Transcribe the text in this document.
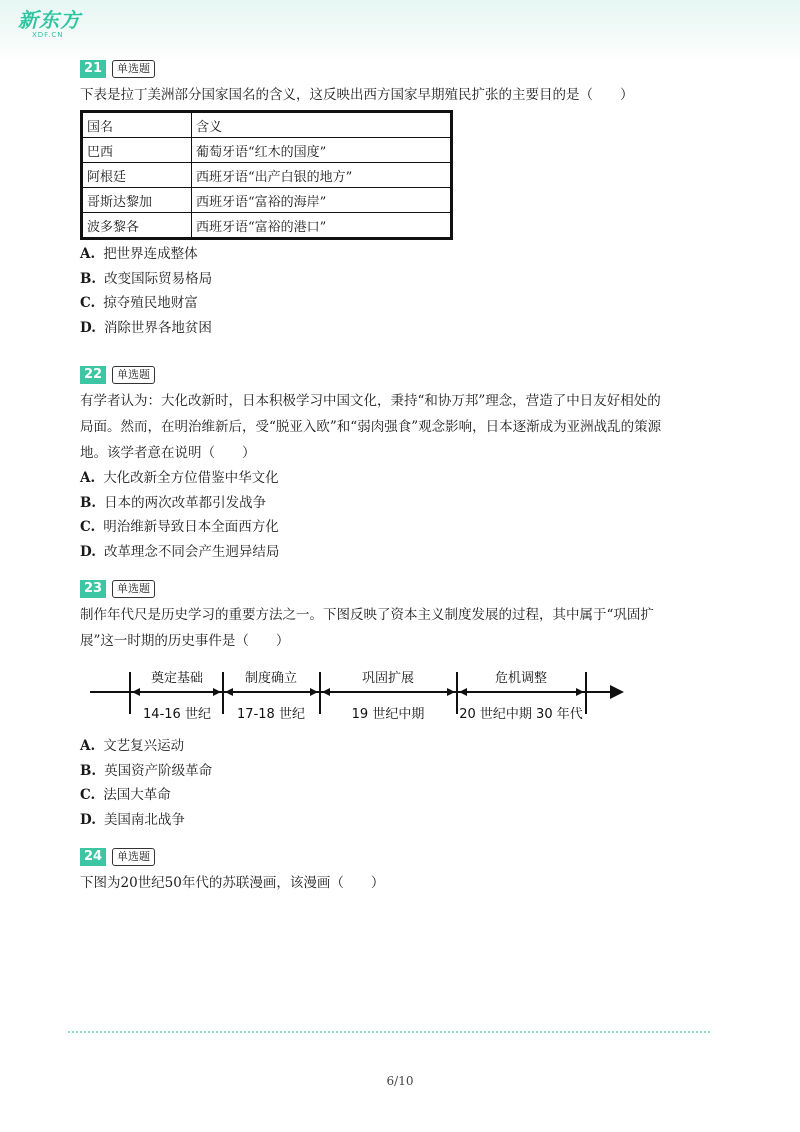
新东方
XDF.CN
21	单选题
下表是拉丁美洲部分国家国名的含义，这反映出西方国家早期殖民扩张的主要目的是（　　）
国名	含义
巴西	葡萄牙语“红木的国度”
阿根廷	西班牙语“出产白银的地方”
哥斯达黎加	西班牙语“富裕的海岸”
波多黎各	西班牙语“富裕的港口”
A. 把世界连成整体
B. 改变国际贸易格局
C. 掠夺殖民地财富
D. 消除世界各地贫困
22	单选题
有学者认为：大化改新时，日本积极学习中国文化，秉持“和协万邦”理念，营造了中日友好相处的
局面。然而，在明治维新后，受“脱亚入欧”和“弱肉强食”观念影响，日本逐渐成为亚洲战乱的策源
地。该学者意在说明（　　）
A. 大化改新全方位借鉴中华文化
B. 日本的两次改革都引发战争
C. 明治维新导致日本全面西方化
D. 改革理念不同会产生迥异结局
23	单选题
制作年代尺是历史学习的重要方法之一。下图反映了资本主义制度发展的过程，其中属于“巩固扩
展”这一时期的历史事件是（　　）
奠定基础	制度确立	巩固扩展	危机调整
14-16 世纪 17-18 世纪	19 世纪中期	20 世纪中期 30 年代
A. 文艺复兴运动
B. 英国资产阶级革命
C. 法国大革命
D. 美国南北战争
24	单选题
下图为20世纪50年代的苏联漫画，该漫画（　　）
6/10
